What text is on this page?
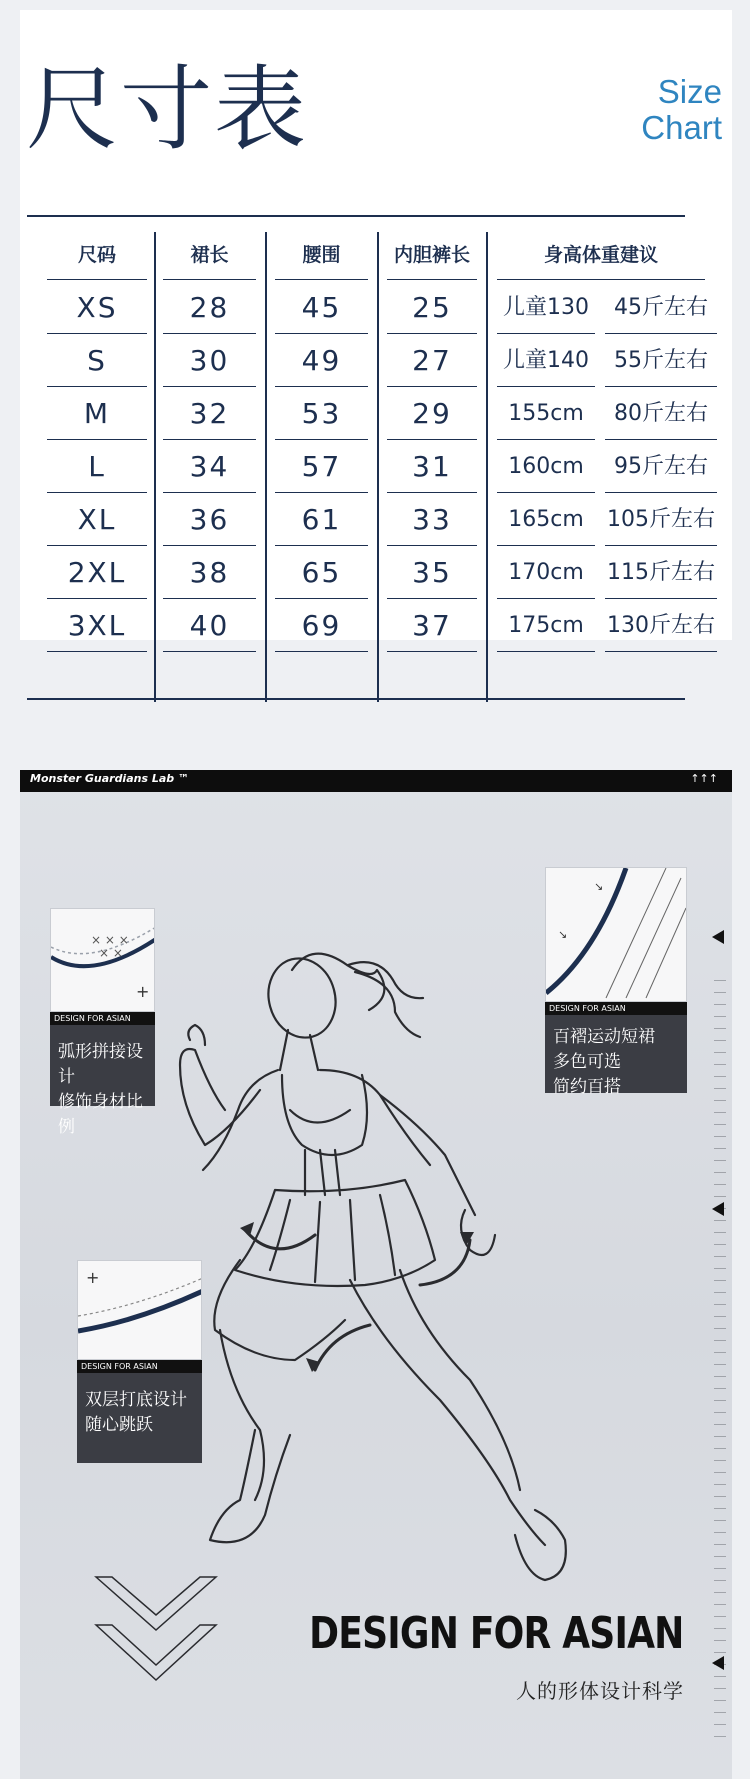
尺寸表	Size
Chart
尺码	裙长	腰围	内胆裤长	身高体重建议
XS	28	45	25	儿童130	45斤左右
S	30	49	27	儿童140	55斤左右
M	32	53	29	155cm	80斤左右
L	34	57	31	160cm	95斤左右
XL	36	61	33	165cm	105斤左右
2XL	38	65	35	170cm	115斤左右
3XL	40	69	37	175cm	130斤左右
Monster Guardians Lab ™	↑↑↑
× × ×
× ×
+
DESIGN FOR ASIAN
弧形拼接设计
修饰身材比例
↘
↘
DESIGN FOR ASIAN
百褶运动短裙
多色可选
简约百搭
+
DESIGN FOR ASIAN
双层打底设计
随心跳跃
DESIGN FOR ASIAN
人的形体设计科学
